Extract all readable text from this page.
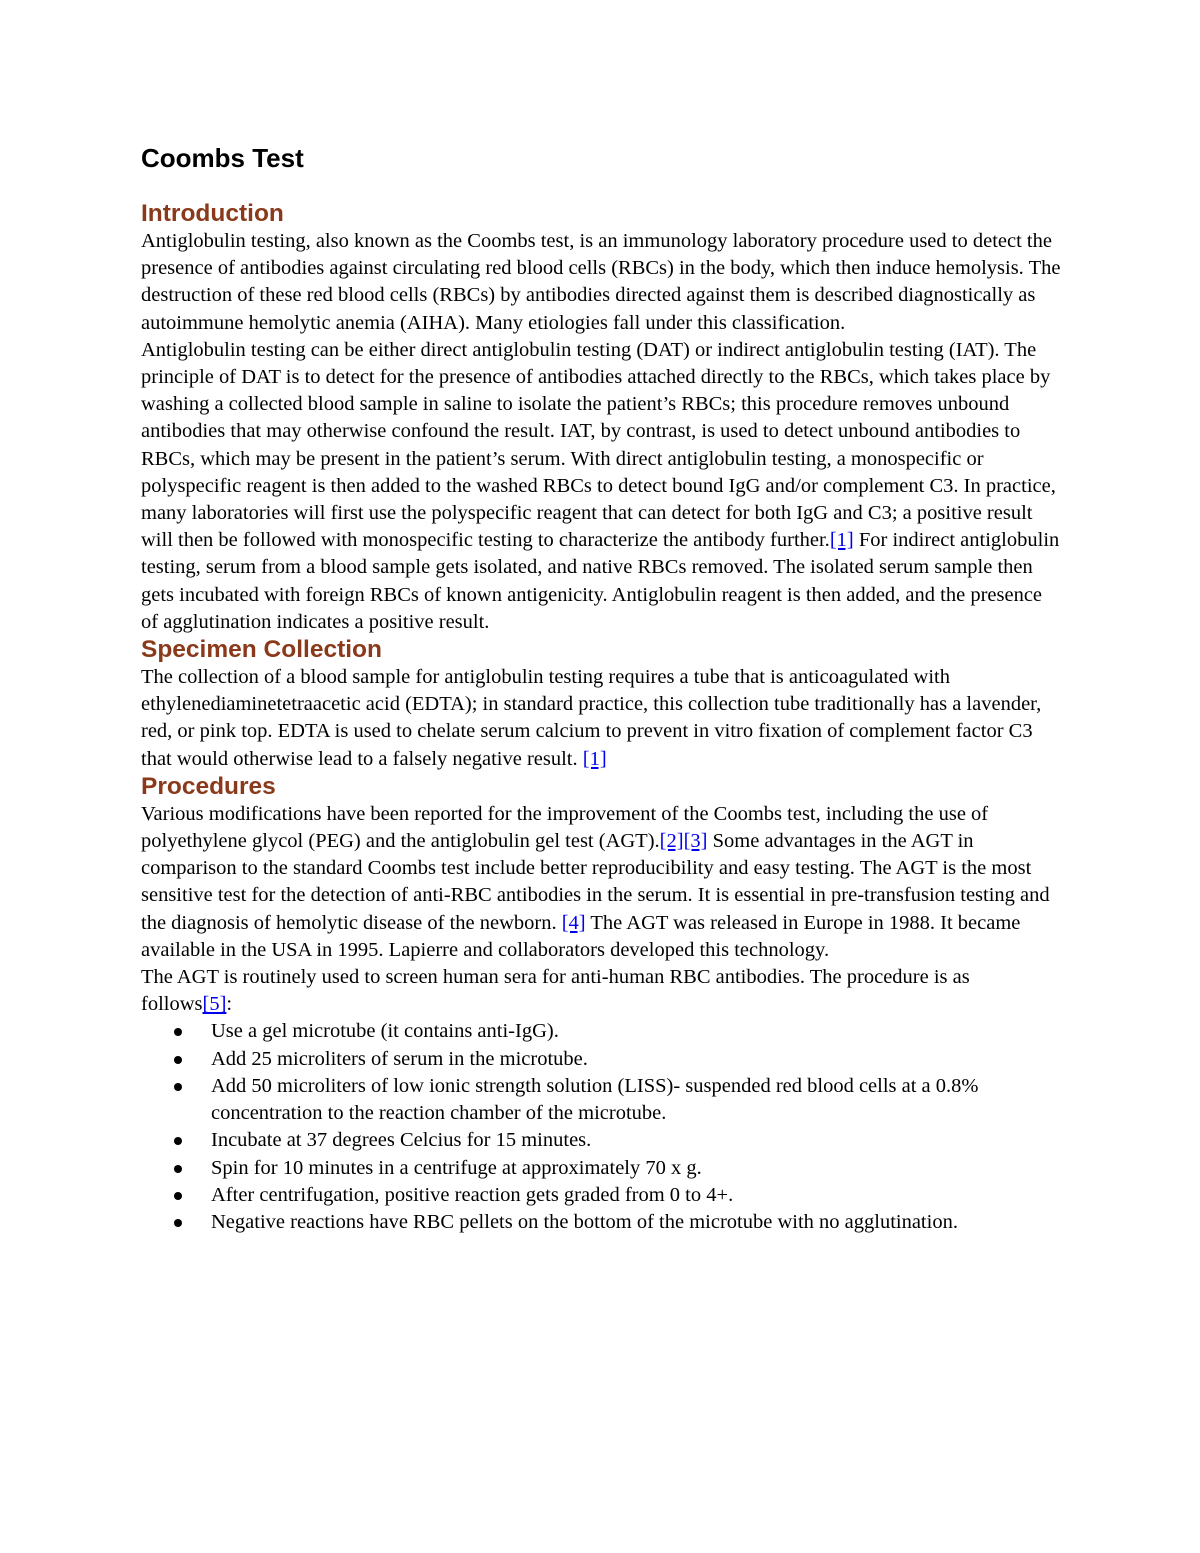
Coombs Test
Introduction

Antiglobulin testing, also known as the Coombs test, is an immunology laboratory procedure used to detect the presence of antibodies against circulating red blood cells (RBCs) in the body, which then induce hemolysis. The destruction of these red blood cells (RBCs) by antibodies directed against them is described diagnostically as autoimmune hemolytic anemia (AIHA). Many etiologies fall under this classification.

Antiglobulin testing can be either direct antiglobulin testing (DAT) or indirect antiglobulin testing (IAT). The principle of DAT is to detect for the presence of antibodies attached directly to the RBCs, which takes place by washing a collected blood sample in saline to isolate the patient’s RBCs; this procedure removes unbound antibodies that may otherwise confound the result. IAT, by contrast, is used to detect unbound antibodies to RBCs, which may be present in the patient’s serum. With direct antiglobulin testing, a monospecific or polyspecific reagent is then added to the washed RBCs to detect bound IgG and/or complement C3. In practice, many laboratories will first use the polyspecific reagent that can detect for both IgG and C3; a positive result will then be followed with monospecific testing to characterize the antibody further.[1] For indirect antiglobulin testing, serum from a blood sample gets isolated, and native RBCs removed. The isolated serum sample then gets incubated with foreign RBCs of known antigenicity. Antiglobulin reagent is then added, and the presence of agglutination indicates a positive result.

Specimen Collection

The collection of a blood sample for antiglobulin testing requires a tube that is anticoagulated with ethylenediaminetetraacetic acid (EDTA); in standard practice, this collection tube traditionally has a lavender, red, or pink top. EDTA is used to chelate serum calcium to prevent in vitro fixation of complement factor C3 that would otherwise lead to a falsely negative result. [1]

Procedures

Various modifications have been reported for the improvement of the Coombs test, including the use of polyethylene glycol (PEG) and the antiglobulin gel test (AGT).[2][3] Some advantages in the AGT in comparison to the standard Coombs test include better reproducibility and easy testing. The AGT is the most sensitive test for the detection of anti-RBC antibodies in the serum. It is essential in pre-transfusion testing and the diagnosis of hemolytic disease of the newborn. [4] The AGT was released in Europe in 1988. It became available in the USA in 1995. Lapierre and collaborators developed this technology.

The AGT is routinely used to screen human sera for anti-human RBC antibodies. The procedure is as follows[5]:

Use a gel microtube (it contains anti-IgG).
Add 25 microliters of serum in the microtube.
Add 50 microliters of low ionic strength solution (LISS)- suspended red blood cells at a 0.8% concentration to the reaction chamber of the microtube.
Incubate at 37 degrees Celcius for 15 minutes.
Spin for 10 minutes in a centrifuge at approximately 70 x g.
After centrifugation, positive reaction gets graded from 0 to 4+.
Negative reactions have RBC pellets on the bottom of the microtube with no agglutination.
